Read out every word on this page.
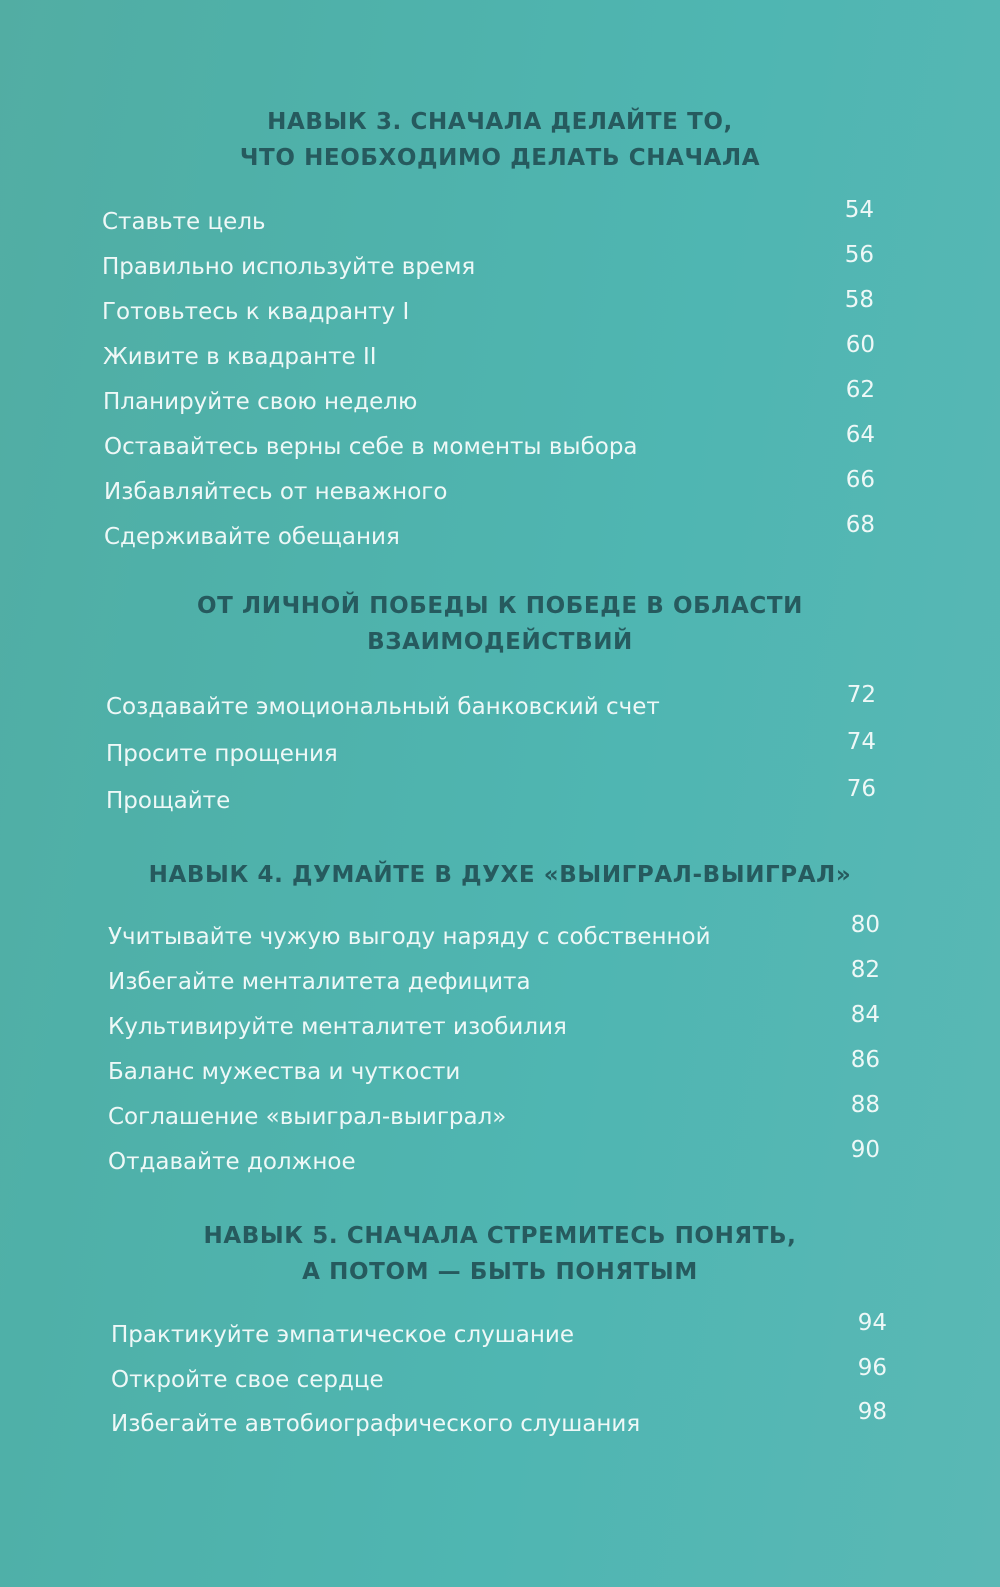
НАВЫК 3. СНАЧАЛА ДЕЛАЙТЕ ТО,
ЧТО НЕОБХОДИМО ДЕЛАТЬ СНАЧАЛА
Ставьте цель	54
Правильно используйте время	56
Готовьтесь к квадранту I	58
Живите в квадранте II	60
Планируйте свою неделю	62
Оставайтесь верны себе в моменты выбора	64
Избавляйтесь от неважного	66
Сдерживайте обещания	68
ОТ ЛИЧНОЙ ПОБЕДЫ К ПОБЕДЕ В ОБЛАСТИ
ВЗАИМОДЕЙСТВИЙ
Создавайте эмоциональный банковский счет	72
Просите прощения	74
Прощайте	76
НАВЫК 4. ДУМАЙТЕ В ДУХЕ «ВЫИГРАЛ-ВЫИГРАЛ»
Учитывайте чужую выгоду наряду с собственной	80
Избегайте менталитета дефицита	82
Культивируйте менталитет изобилия	84
Баланс мужества и чуткости	86
Соглашение «выиграл-выиграл»	88
Отдавайте должное	90
НАВЫК 5. СНАЧАЛА СТРЕМИТЕСЬ ПОНЯТЬ,
А ПОТОМ — БЫТЬ ПОНЯТЫМ
Практикуйте эмпатическое слушание	94
Откройте свое сердце	96
Избегайте автобиографического слушания	98
